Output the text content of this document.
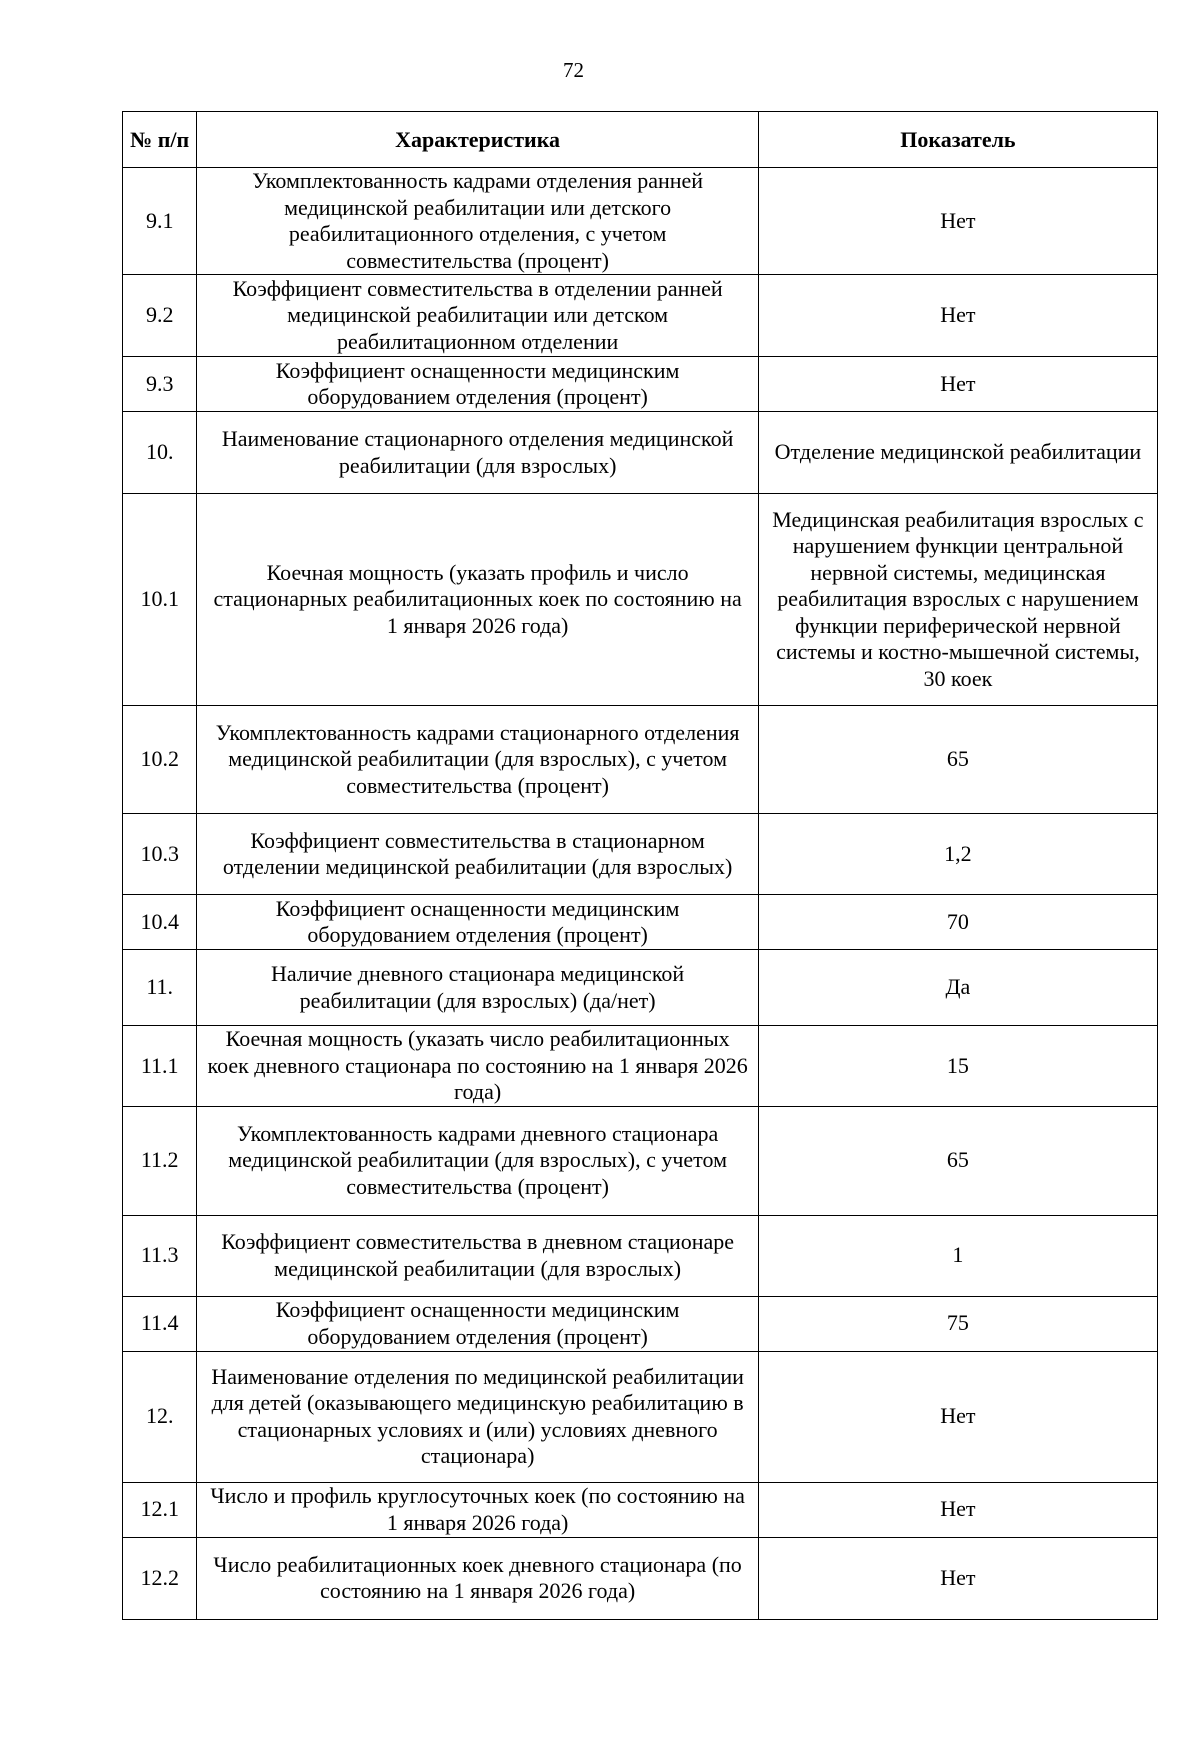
72
№ п/п	Характеристика	Показатель
9.1	Укомплектованность кадрами отделения ранней медицинской реабилитации или детского реабилитационного отделения, с учетом совместительства (процент)	Нет
9.2	Коэффициент совместительства в отделении ранней медицинской реабилитации или детском реабилитационном отделении	Нет
9.3	Коэффициент оснащенности медицинским оборудованием отделения (процент)	Нет
10.	Наименование стационарного отделения медицинской реабилитации (для взрослых)	Отделение медицинской реабилитации
10.1	Коечная мощность (указать профиль и число стационарных реабилитационных коек по состоянию на 1 января 2026 года)	Медицинская реабилитация взрослых с нарушением функции центральной нервной системы, медицинская реабилитация взрослых с нарушением функции периферической нервной системы и костно-мышечной системы, 30 коек
10.2	Укомплектованность кадрами стационарного отделения медицинской реабилитации (для взрослых), с учетом совместительства (процент)	65
10.3	Коэффициент совместительства в стационарном отделении медицинской реабилитации (для взрослых)	1,2
10.4	Коэффициент оснащенности медицинским оборудованием отделения (процент)	70
11.	Наличие дневного стационара медицинской реабилитации (для взрослых) (да/нет)	Да
11.1	Коечная мощность (указать число реабилитационных коек дневного стационара по состоянию на 1 января 2026 года)	15
11.2	Укомплектованность кадрами дневного стационара медицинской реабилитации (для взрослых), с учетом совместительства (процент)	65
11.3	Коэффициент совместительства в дневном стационаре медицинской реабилитации (для взрослых)	1
11.4	Коэффициент оснащенности медицинским оборудованием отделения (процент)	75
12.	Наименование отделения по медицинской реабилитации для детей (оказывающего медицинскую реабилитацию в стационарных условиях и (или) условиях дневного стационара)	Нет
12.1	Число и профиль круглосуточных коек (по состоянию на 1 января 2026 года)	Нет
12.2	Число реабилитационных коек дневного стационара (по состоянию на 1 января 2026 года)	Нет
